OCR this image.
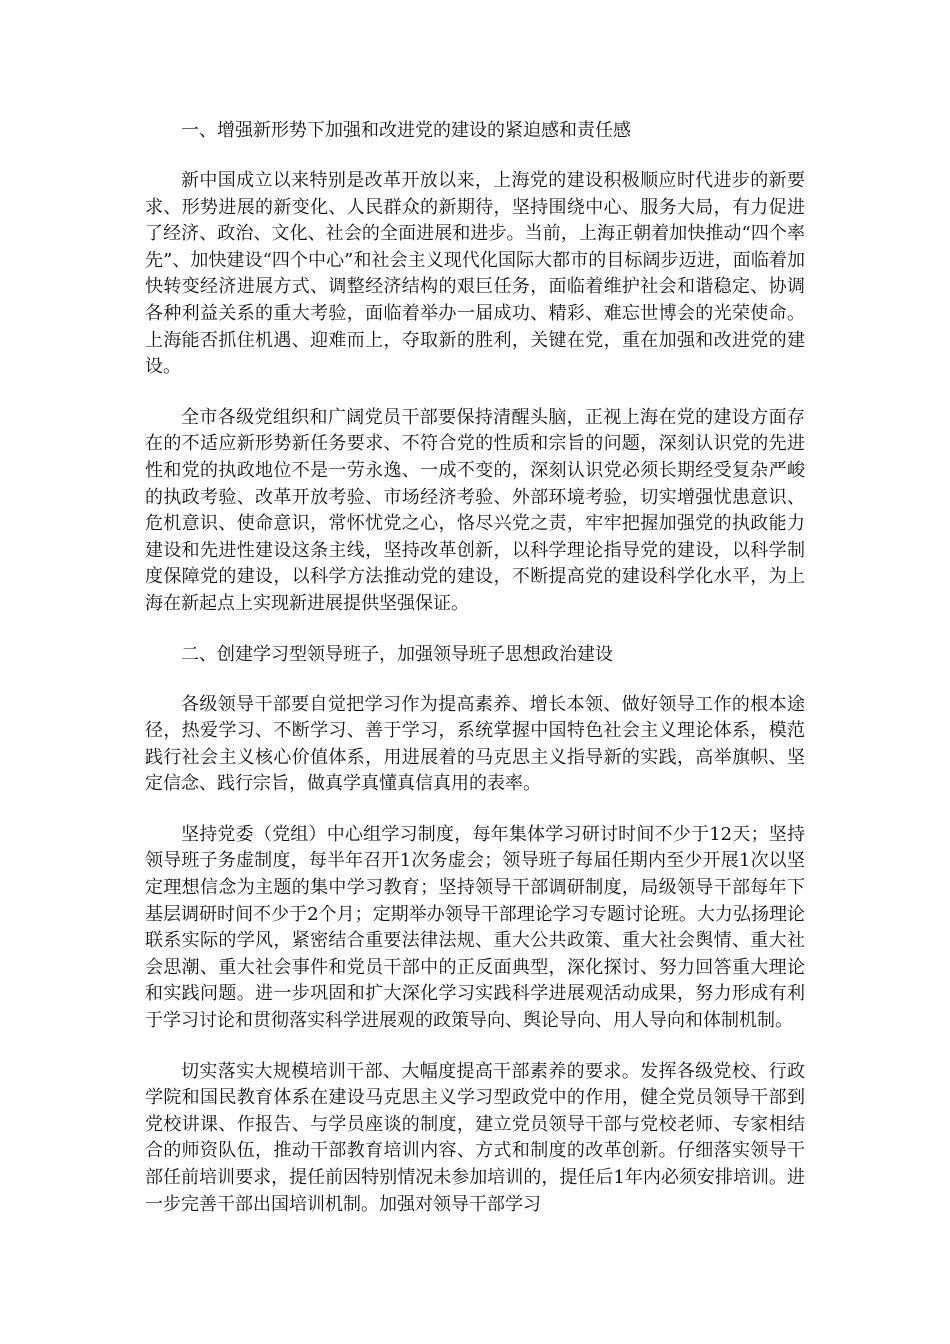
一、增强新形势下加强和改进党的建设的紧迫感和责任感

新中国成立以来特别是改革开放以来，上海党的建设积极顺应时代进步的新要求、形势进展的新变化、人民群众的新期待，坚持围绕中心、服务大局，有力促进了经济、政治、文化、社会的全面进展和进步。当前，上海正朝着加快推动“四个率先”、加快建设“四个中心”和社会主义现代化国际大都市的目标阔步迈进，面临着加快转变经济进展方式、调整经济结构的艰巨任务，面临着维护社会和谐稳定、协调各种利益关系的重大考验，面临着举办一届成功、精彩、难忘世博会的光荣使命。上海能否抓住机遇、迎难而上，夺取新的胜利，关键在党，重在加强和改进党的建设。

全市各级党组织和广阔党员干部要保持清醒头脑，正视上海在党的建设方面存在的不适应新形势新任务要求、不符合党的性质和宗旨的问题，深刻认识党的先进性和党的执政地位不是一劳永逸、一成不变的，深刻认识党必须长期经受复杂严峻的执政考验、改革开放考验、市场经济考验、外部环境考验，切实增强忧患意识、危机意识、使命意识，常怀忧党之心，恪尽兴党之责，牢牢把握加强党的执政能力建设和先进性建设这条主线，坚持改革创新，以科学理论指导党的建设，以科学制度保障党的建设，以科学方法推动党的建设，不断提高党的建设科学化水平，为上海在新起点上实现新进展提供坚强保证。

二、创建学习型领导班子，加强领导班子思想政治建设

各级领导干部要自觉把学习作为提高素养、增长本领、做好领导工作的根本途径，热爱学习、不断学习、善于学习，系统掌握中国特色社会主义理论体系，模范践行社会主义核心价值体系，用进展着的马克思主义指导新的实践，高举旗帜、坚定信念、践行宗旨，做真学真懂真信真用的表率。

坚持党委（党组）中心组学习制度，每年集体学习研讨时间不少于12天；坚持领导班子务虚制度，每半年召开1次务虚会；领导班子每届任期内至少开展1次以坚定理想信念为主题的集中学习教育；坚持领导干部调研制度，局级领导干部每年下基层调研时间不少于2个月；定期举办领导干部理论学习专题讨论班。大力弘扬理论联系实际的学风，紧密结合重要法律法规、重大公共政策、重大社会舆情、重大社会思潮、重大社会事件和党员干部中的正反面典型，深化探讨、努力回答重大理论和实践问题。进一步巩固和扩大深化学习实践科学进展观活动成果，努力形成有利于学习讨论和贯彻落实科学进展观的政策导向、舆论导向、用人导向和体制机制。

切实落实大规模培训干部、大幅度提高干部素养的要求。发挥各级党校、行政学院和国民教育体系在建设马克思主义学习型政党中的作用，健全党员领导干部到党校讲课、作报告、与学员座谈的制度，建立党员领导干部与党校老师、专家相结合的师资队伍，推动干部教育培训内容、方式和制度的改革创新。仔细落实领导干部任前培训要求，提任前因特别情况未参加培训的，提任后1年内必须安排培训。进一步完善干部出国培训机制。加强对领导干部学习
